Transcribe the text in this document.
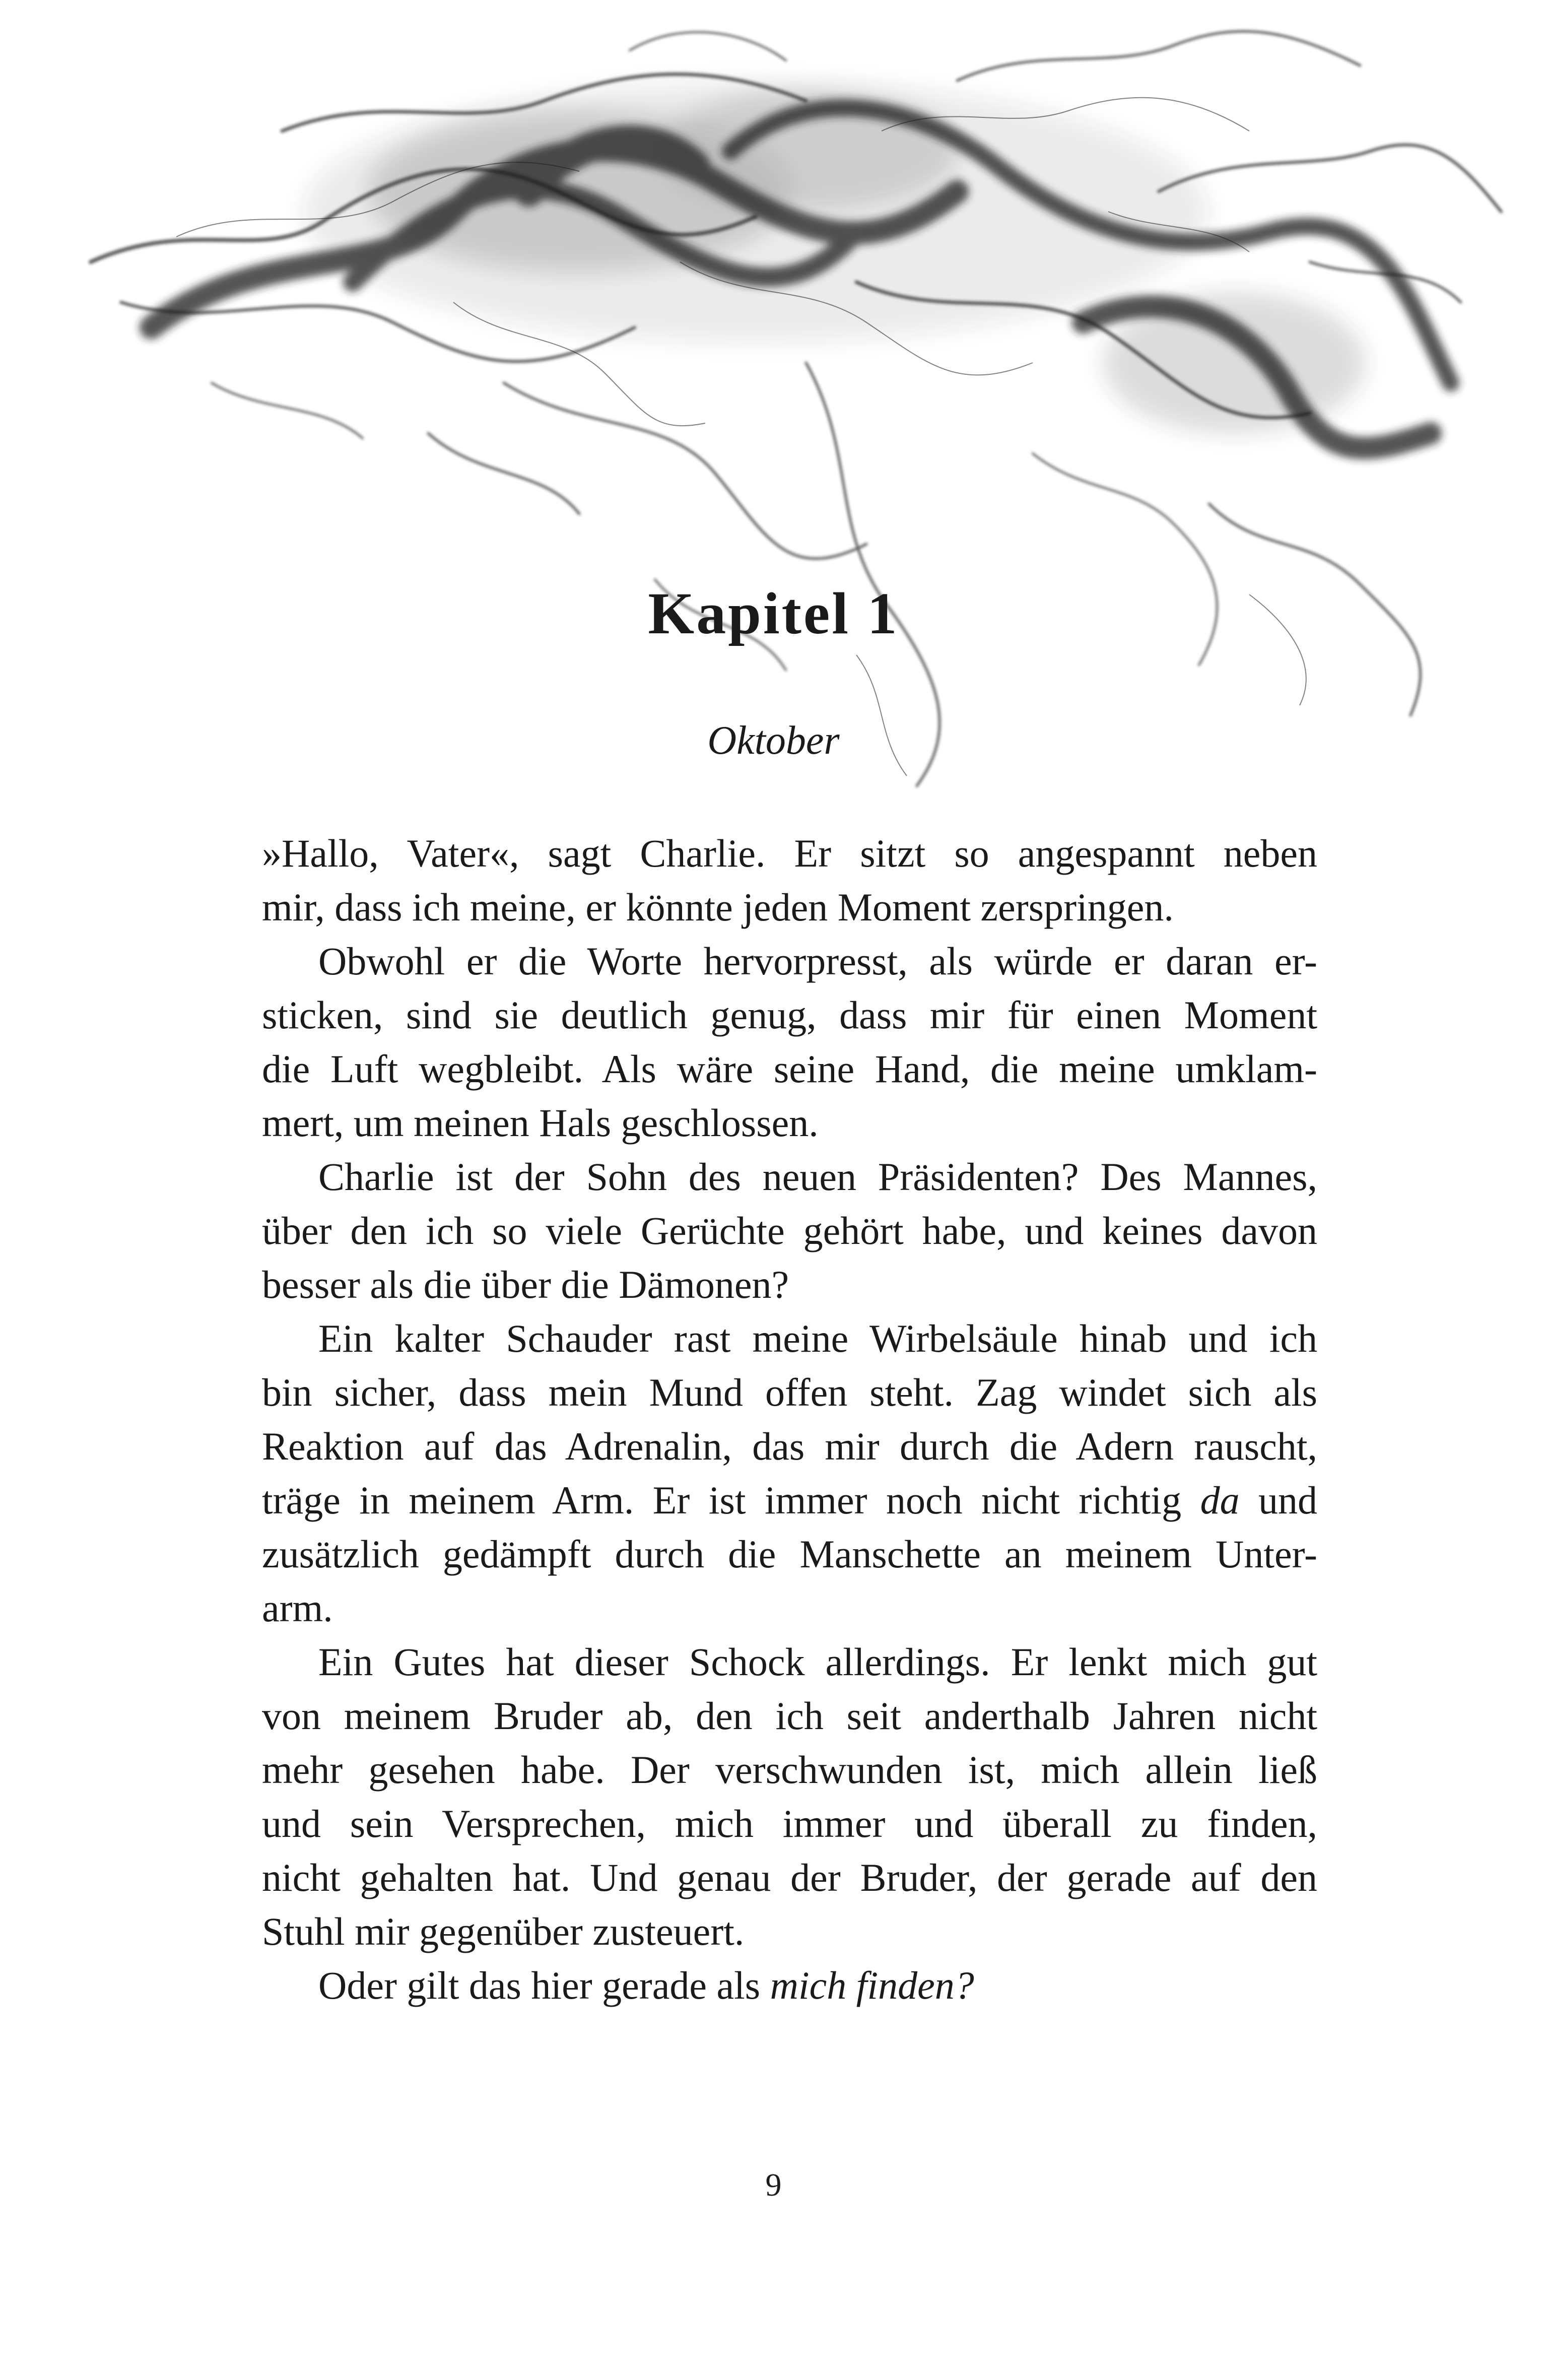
Kapitel 1
Oktober
»Hallo, Vater«, sagt Charlie. Er sitzt so angespannt neben
mir, dass ich meine, er könnte jeden Moment zerspringen.
Obwohl er die Worte hervorpresst, als würde er daran er-
sticken, sind sie deutlich genug, dass mir für einen Moment
die Luft wegbleibt. Als wäre seine Hand, die meine umklam-
mert, um meinen Hals geschlossen.
Charlie ist der Sohn des neuen Präsidenten? Des Mannes,
über den ich so viele Gerüchte gehört habe, und keines davon
besser als die über die Dämonen?
Ein kalter Schauder rast meine Wirbelsäule hinab und ich
bin sicher, dass mein Mund offen steht. Zag windet sich als
Reaktion auf das Adrenalin, das mir durch die Adern rauscht,
träge in meinem Arm. Er ist immer noch nicht richtig da und
zusätzlich gedämpft durch die Manschette an meinem Unter-
arm.
Ein Gutes hat dieser Schock allerdings. Er lenkt mich gut
von meinem Bruder ab, den ich seit anderthalb Jahren nicht
mehr gesehen habe. Der verschwunden ist, mich allein ließ
und sein Versprechen, mich immer und überall zu finden,
nicht gehalten hat. Und genau der Bruder, der gerade auf den
Stuhl mir gegenüber zusteuert.
Oder gilt das hier gerade als mich finden?
9
